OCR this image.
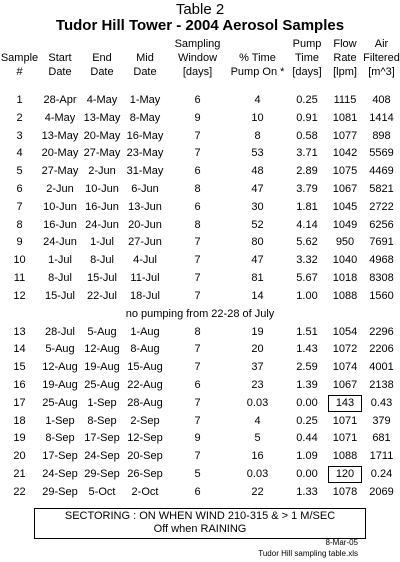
Table 2
Tudor Hill Tower - 2004 Aerosol Samples
				Sampling		Pump	Flow	Air
Sample	Start	End	Mid	Window	% Time	Time	Rate	Filtered
#	Date	Date	Date	[days]	Pump On *	[days]	[lpm]	[m^3]

1	28-Apr	4-May	1-May	6	4	0.25	1115	408
2	4-May	13-May	8-May	9	10	0.91	1081	1414
3	13-May	20-May	16-May	7	8	0.58	1077	898
4	20-May	27-May	23-May	7	53	3.71	1042	5569
5	27-May	2-Jun	31-May	6	48	2.89	1075	4469
6	2-Jun	10-Jun	6-Jun	8	47	3.79	1067	5821
7	10-Jun	16-Jun	13-Jun	6	30	1.81	1045	2722
8	16-Jun	24-Jun	20-Jun	8	52	4.14	1049	6256
9	24-Jun	1-Jul	27-Jun	7	80	5.62	950	7691
10	1-Jul	8-Jul	4-Jul	7	47	3.32	1040	4968
11	8-Jul	15-Jul	11-Jul	7	81	5.67	1018	8308
12	15-Jul	22-Jul	18-Jul	7	14	1.00	1088	1560
no pumping from 22-28 of July								
13	28-Jul	5-Aug	1-Aug	8	19	1.51	1054	2296
14	5-Aug	12-Aug	8-Aug	7	20	1.43	1072	2206
15	12-Aug	19-Aug	15-Aug	7	37	2.59	1074	4001
16	19-Aug	25-Aug	22-Aug	6	23	1.39	1067	2138
17	25-Aug	1-Sep	28-Aug	7	0.03	0.00	143	0.43
18	1-Sep	8-Sep	2-Sep	7	4	0.25	1071	379
19	8-Sep	17-Sep	12-Sep	9	5	0.44	1071	681
20	17-Sep	24-Sep	20-Sep	7	16	1.09	1088	1711
21	24-Sep	29-Sep	26-Sep	5	0.03	0.00	120	0.24
22	29-Sep	5-Oct	2-Oct	6	22	1.33	1078	2069
SECTORING : ON WHEN WIND 210-315 & > 1 M/SEC
Off when RAINING
8-Mar-05
Tudor Hill sampling table.xls
